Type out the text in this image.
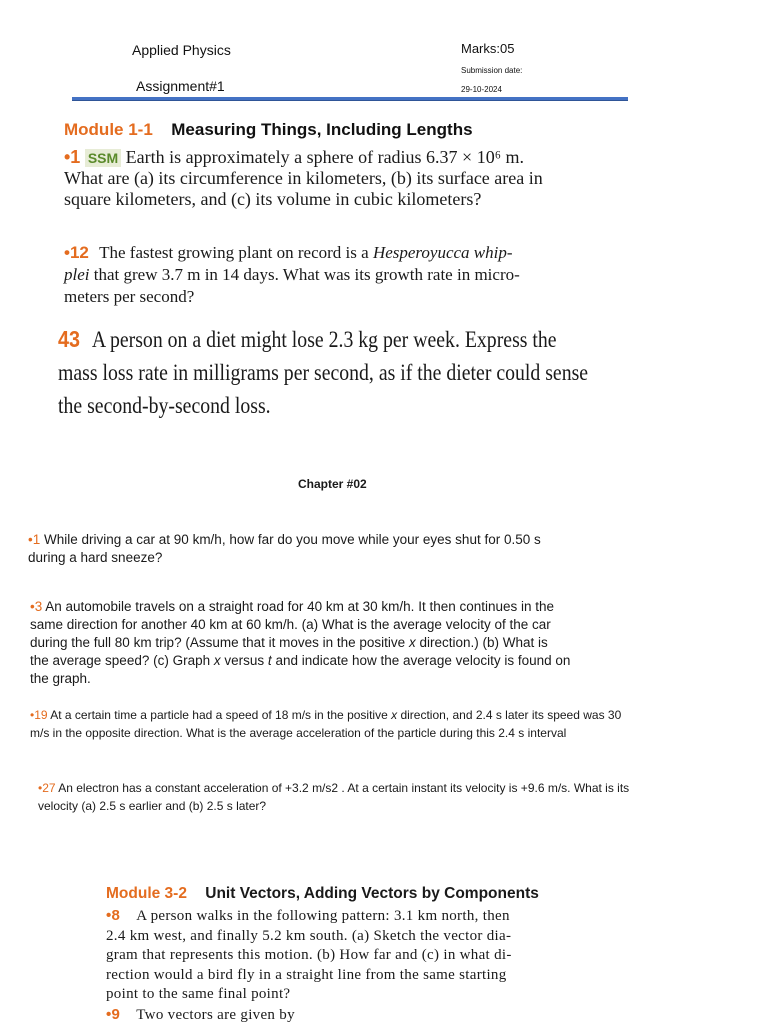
Applied Physics
Assignment#1
Marks:05
Submission date:
29-10-2024
Module 1-1 Measuring Things, Including Lengths
•1 SSM Earth is approximately a sphere of radius 6.37 × 10⁶ m.
What are (a) its circumference in kilometers, (b) its surface area in
square kilometers, and (c) its volume in cubic kilometers?
•12 The fastest growing plant on record is a Hesperoyucca whip-
plei that grew 3.7 m in 14 days. What was its growth rate in micro-
meters per second?
43 A person on a diet might lose 2.3 kg per week. Express the
mass loss rate in milligrams per second, as if the dieter could sense
the second-by-second loss.
Chapter #02
•1 While driving a car at 90 km/h, how far do you move while your eyes shut for 0.50 s
during a hard sneeze?
•3 An automobile travels on a straight road for 40 km at 30 km/h. It then continues in the
same direction for another 40 km at 60 km/h. (a) What is the average velocity of the car
during the full 80 km trip? (Assume that it moves in the positive x direction.) (b) What is
the average speed? (c) Graph x versus t and indicate how the average velocity is found on
the graph.
•19 At a certain time a particle had a speed of 18 m/s in the positive x direction, and 2.4 s later its speed was 30
m/s in the opposite direction. What is the average acceleration of the particle during this 2.4 s interval
•27 An electron has a constant acceleration of +3.2 m/s2 . At a certain instant its velocity is +9.6 m/s. What is its
velocity (a) 2.5 s earlier and (b) 2.5 s later?
Module 3-2 Unit Vectors, Adding Vectors by Components
•8 A person walks in the following pattern: 3.1 km north, then
2.4 km west, and finally 5.2 km south. (a) Sketch the vector dia-
gram that represents this motion. (b) How far and (c) in what di-
rection would a bird fly in a straight line from the same starting
point to the same final point?
•9 Two vectors are given by
